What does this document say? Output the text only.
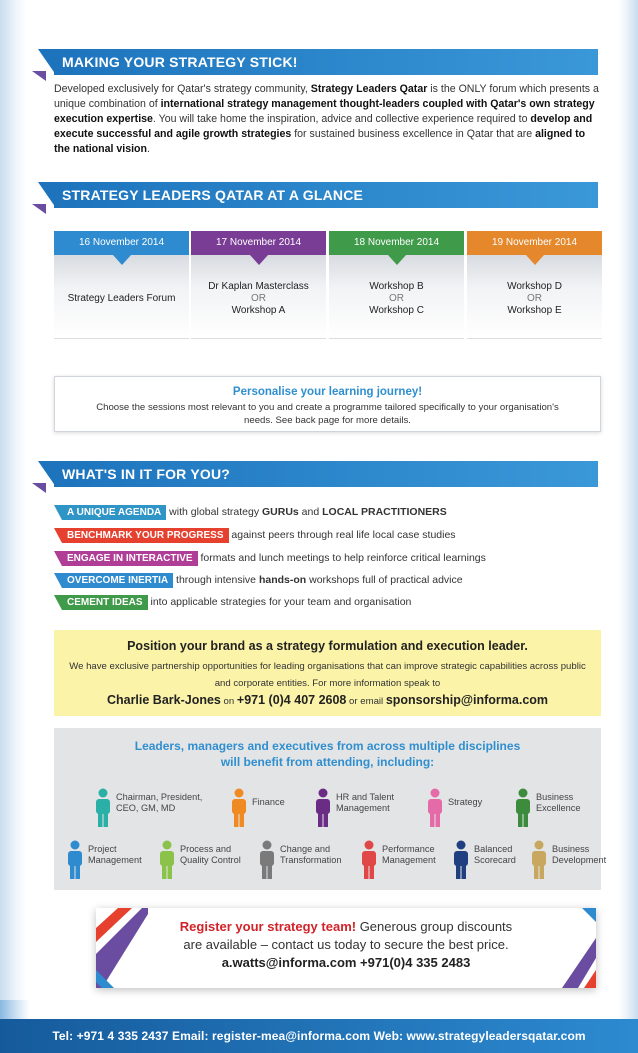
MAKING YOUR STRATEGY STICK!
Developed exclusively for Qatar's strategy community, Strategy Leaders Qatar is the ONLY forum which presents a unique combination of international strategy management thought-leaders coupled with Qatar's own strategy execution expertise. You will take home the inspiration, advice and collective experience required to develop and execute successful and agile growth strategies for sustained business excellence in Qatar that are aligned to the national vision.
STRATEGY LEADERS QATAR AT A GLANCE
16 November 2014
Strategy Leaders Forum
17 November 2014
Dr Kaplan Masterclass
OR
Workshop A
18 November 2014
Workshop B
OR
Workshop C
19 November 2014
Workshop D
OR
Workshop E
Personalise your learning journey!
Choose the sessions most relevant to you and create a programme tailored specifically to your organisation's needs. See back page for more details.
WHAT'S IN IT FOR YOU?
A UNIQUE AGENDA with global strategy GURUs and LOCAL PRACTITIONERS
BENCHMARK YOUR PROGRESS against peers through real life local case studies
ENGAGE IN INTERACTIVE formats and lunch meetings to help reinforce critical learnings
OVERCOME INERTIA through intensive hands-on workshops full of practical advice
CEMENT IDEAS into applicable strategies for your team and organisation
Position your brand as a strategy formulation and execution leader.
We have exclusive partnership opportunities for leading organisations that can improve strategic capabilities across public and corporate entities. For more information speak to
Charlie Bark-Jones on +971 (0)4 407 2608 or email sponsorship@informa.com
Leaders, managers and executives from across multiple disciplines
will benefit from attending, including:
Chairman, President,
CEO, GM, MD
Finance	HR and Talent
Management
Strategy	Business
Excellence
Project
Management
Process and
Quality Control
Change and
Transformation
Performance
Management
Balanced
Scorecard
Business
Development
Register your strategy team! Generous group discounts
are available – contact us today to secure the best price.
a.watts@informa.com +971(0)4 335 2483
Tel: +971 4 335 2437 Email: register-mea@informa.com Web: www.strategyleadersqatar.com
